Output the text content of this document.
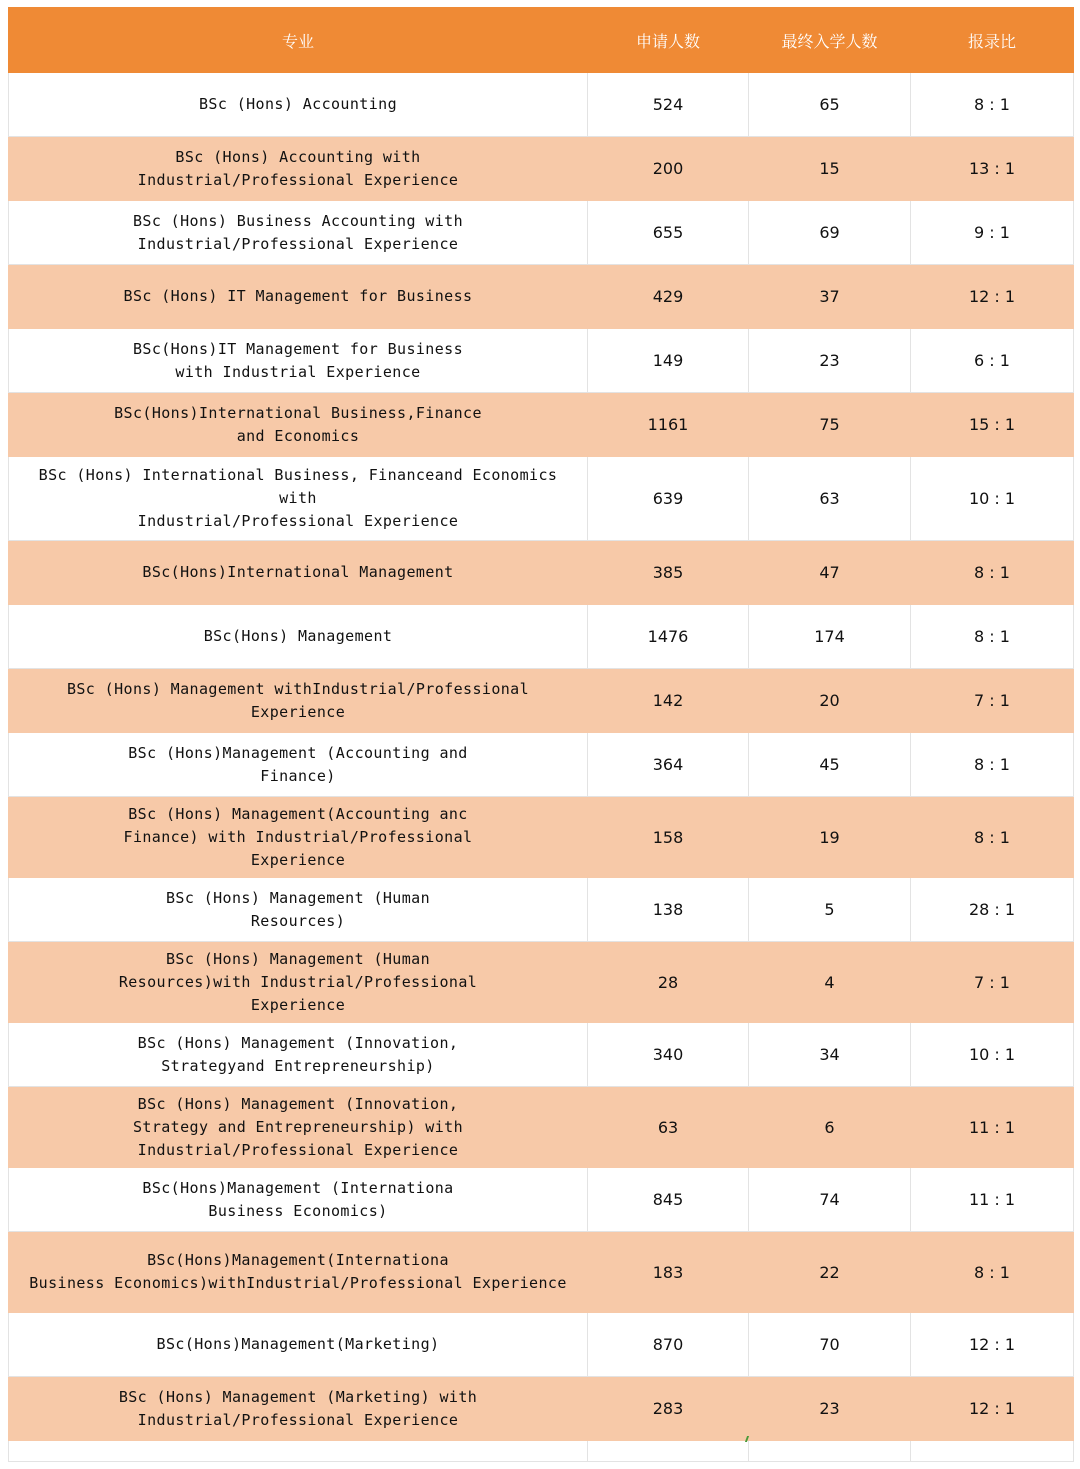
专业	申请人数	最终入学人数	报录比
BSc (Hons) Accounting	524	65	8 : 1
BSc (Hons) Accounting with
Industrial/Professional Experience	200	15	13 : 1
BSc (Hons) Business Accounting with
Industrial/Professional Experience	655	69	9 : 1
BSc (Hons) IT Management for Business	429	37	12 : 1
BSc(Hons)IT Management for Business
with Industrial Experience	149	23	6 : 1
BSc(Hons)International Business,Finance
and Economics	1161	75	15 : 1
BSc (Hons) International Business, Financeand Economics
with
Industrial/Professional Experience	639	63	10 : 1
BSc(Hons)International Management	385	47	8 : 1
BSc(Hons) Management	1476	174	8 : 1
BSc (Hons) Management withIndustrial/Professional
Experience	142	20	7 : 1
BSc (Hons)Management (Accounting and
Finance)	364	45	8 : 1
BSc (Hons) Management(Accounting anc
Finance) with Industrial/Professional
Experience	158	19	8 : 1
BSc (Hons) Management (Human
Resources)	138	5	28 : 1
BSc (Hons) Management (Human
Resources)with Industrial/Professional
Experience	28	4	7 : 1
BSc (Hons) Management (Innovation,
Strategyand Entrepreneurship)	340	34	10 : 1
BSc (Hons) Management (Innovation,
Strategy and Entrepreneurship) with
Industrial/Professional Experience	63	6	11 : 1
BSc(Hons)Management (Internationa
Business Economics)	845	74	11 : 1
BSc(Hons)Management(Internationa
Business Economics)withIndustrial/Professional Experience	183	22	8 : 1
BSc(Hons)Management(Marketing)	870	70	12 : 1
BSc (Hons) Management (Marketing) with
Industrial/Professional Experience	283	23	12 : 1
